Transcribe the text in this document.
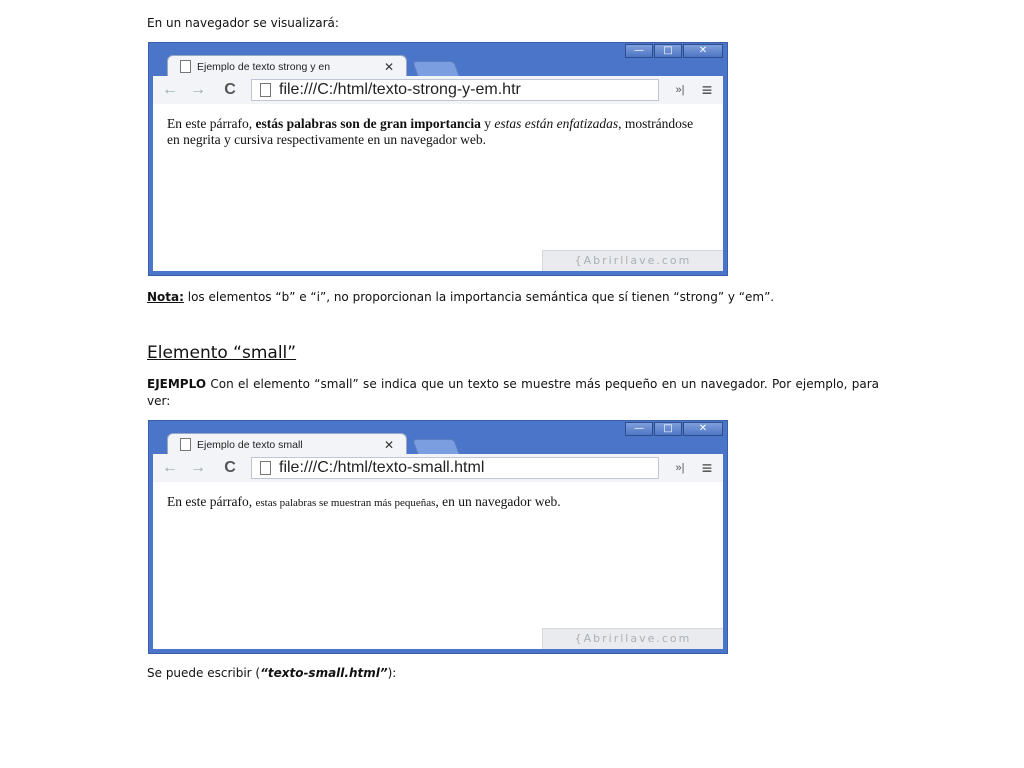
En un navegador se visualizará:

Nota: los elementos “b” e “i”, no proporcionan la importancia semántica que sí tienen “strong” y “em”.

Elemento “small”

EJEMPLO Con el elemento “small” se indica que un texto se muestre más pequeño en un navegador. Por ejemplo, para ver:

Se puede escribir (“texto-small.html”):

—	□	✕
Ejemplo de texto strong y en	✕
← →	C	file:///C:/html/texto-strong-y-em.htr	»| ≡
En este párrafo, estás palabras son de gran importancia y estas están enfatizadas, mostrándose en negrita y cursiva respectivamente en un navegador web.
{Abrirllave.com
—	□	✕
Ejemplo de texto small	✕
← →	C	file:///C:/html/texto-small.html	»| ≡
En este párrafo, estas palabras se muestran más pequeñas, en un navegador web.
{Abrirllave.com
